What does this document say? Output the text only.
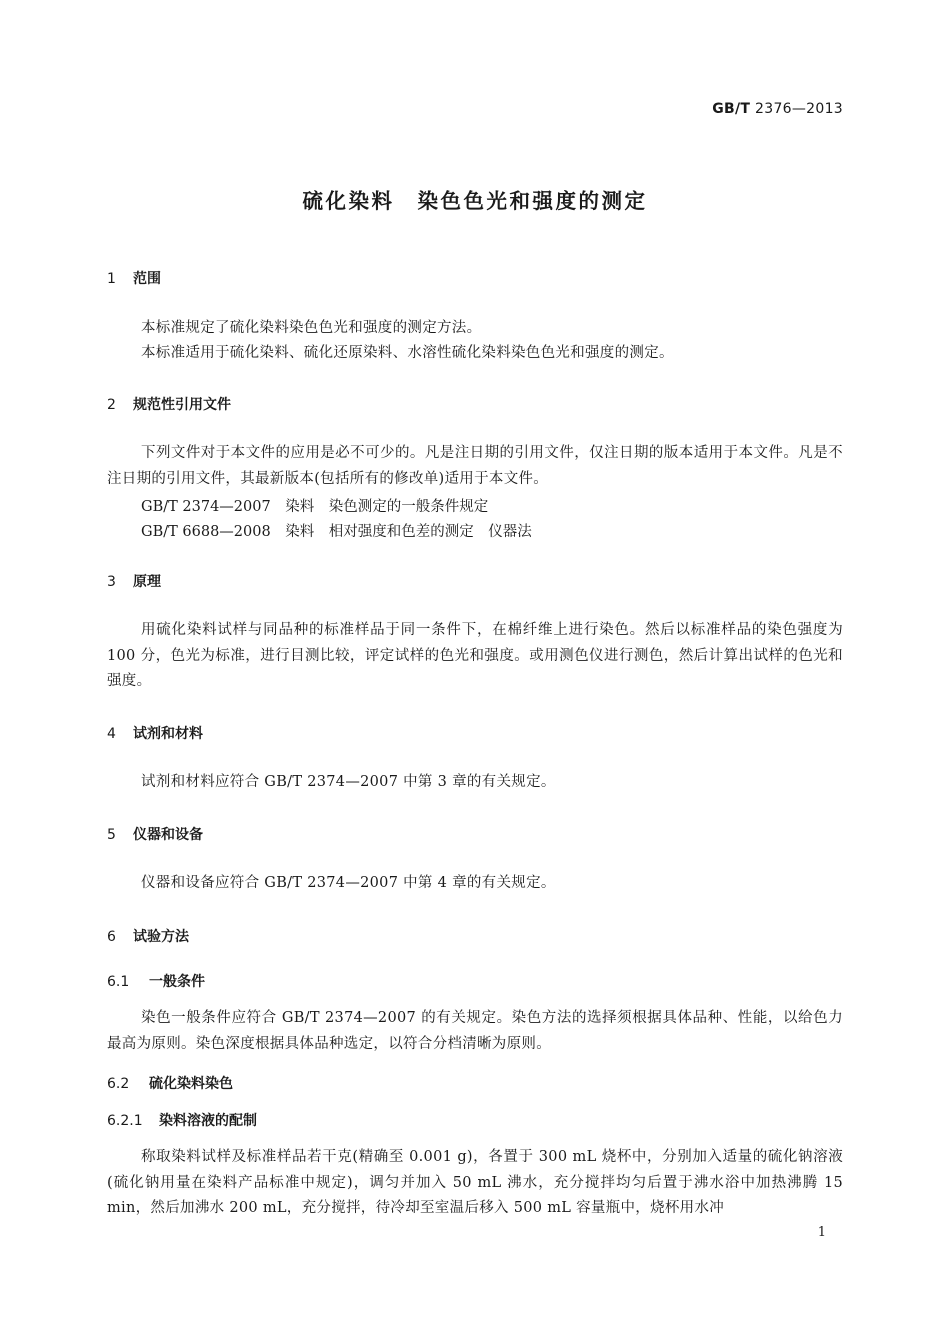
GB/T 2376—2013
硫化染料　染色色光和强度的测定
1 范围

本标准规定了硫化染料染色色光和强度的测定方法。

本标准适用于硫化染料、硫化还原染料、水溶性硫化染料染色色光和强度的测定。

2 规范性引用文件

下列文件对于本文件的应用是必不可少的。凡是注日期的引用文件，仅注日期的版本适用于本文件。凡是不注日期的引用文件，其最新版本(包括所有的修改单)适用于本文件。

GB/T 2374—2007　染料　染色测定的一般条件规定
GB/T 6688—2008　染料　相对强度和色差的测定　仪器法
3 原理

用硫化染料试样与同品种的标准样品于同一条件下，在棉纤维上进行染色。然后以标准样品的染色强度为 100 分，色光为标准，进行目测比较，评定试样的色光和强度。或用测色仪进行测色，然后计算出试样的色光和强度。

4 试剂和材料

试剂和材料应符合 GB/T 2374—2007 中第 3 章的有关规定。

5 仪器和设备

仪器和设备应符合 GB/T 2374—2007 中第 4 章的有关规定。

6 试验方法
6.1 一般条件

染色一般条件应符合 GB/T 2374—2007 的有关规定。染色方法的选择须根据具体品种、性能，以给色力最高为原则。染色深度根据具体品种选定，以符合分档清晰为原则。

6.2 硫化染料染色
6.2.1 染料溶液的配制

称取染料试样及标准样品若干克(精确至 0.001 g)，各置于 300 mL 烧杯中，分别加入适量的硫化钠溶液(硫化钠用量在染料产品标准中规定)，调匀并加入 50 mL 沸水，充分搅拌均匀后置于沸水浴中加热沸腾 15 min，然后加沸水 200 mL，充分搅拌，待冷却至室温后移入 500 mL 容量瓶中，烧杯用水冲

1
